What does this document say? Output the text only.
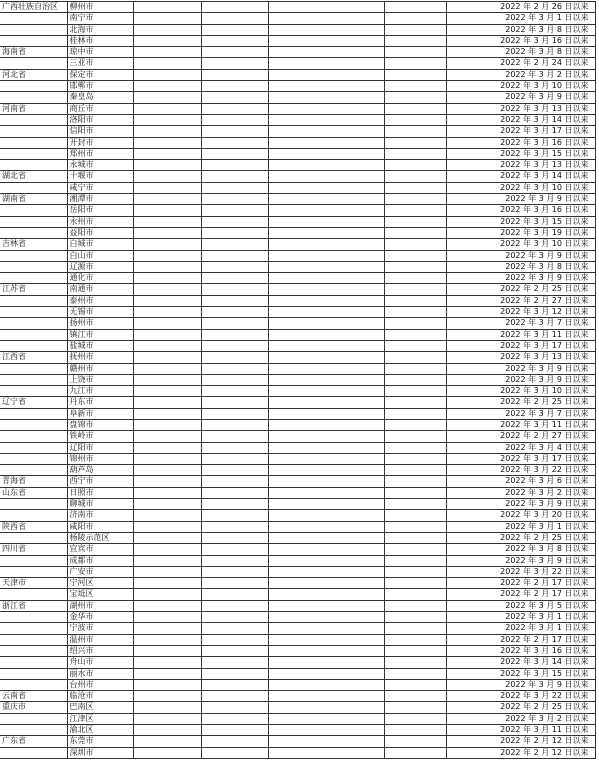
广西壮族自治区	柳州市					2022 年 2 月 26 日以来
	南宁市					2022 年 3 月 1 日以来
	北海市					2022 年 3 月 8 日以来
	桂林市					2022 年 3 月 16 日以来
海南省	琼中市					2022 年 3 月 8 日以来
	三亚市					2022 年 2 月 24 日以来
河北省	保定市					2022 年 3 月 2 日以来
	邯郸市					2022 年 3 月 10 日以来
	秦皇岛					2022 年 3 月 9 日以来
河南省	商丘市					2022 年 3 月 13 日以来
	洛阳市					2022 年 3 月 14 日以来
	信阳市					2022 年 3 月 17 日以来
	开封市					2022 年 3 月 16 日以来
	郑州市					2022 年 3 月 15 日以来
	永城市					2022 年 3 月 13 日以来
湖北省	十堰市					2022 年 3 月 14 日以来
	咸宁市					2022 年 3 月 10 日以来
湖南省	湘潭市					2022 年 3 月 9 日以来
	岳阳市					2022 年 3 月 16 日以来
	永州市					2022 年 3 月 15 日以来
	益阳市					2022 年 3 月 19 日以来
吉林省	白城市					2022 年 3 月 10 日以来
	白山市					2022 年 3 月 9 日以来
	辽源市					2022 年 3 月 8 日以来
	通化市					2022 年 3 月 9 日以来
江苏省	南通市					2022 年 2 月 25 日以来
	泰州市					2022 年 2 月 27 日以来
	无锡市					2022 年 3 月 12 日以来
	扬州市					2022 年 3 月 7 日以来
	镇江市					2022 年 3 月 11 日以来
	盐城市					2022 年 3 月 17 日以来
江西省	抚州市					2022 年 3 月 13 日以来
	赣州市					2022 年 3 月 9 日以来
	上饶市					2022 年 3 月 9 日以来
	九江市					2022 年 3 月 10 日以来
辽宁省	丹东市					2022 年 2 月 25 日以来
	阜新市					2022 年 3 月 7 日以来
	盘锦市					2022 年 3 月 11 日以来
	铁岭市					2022 年 2 月 27 日以来
	辽阳市					2022 年 3 月 4 日以来
	锦州市					2022 年 3 月 17 日以来
	葫芦岛					2022 年 3 月 22 日以来
青海省	西宁市					2022 年 3 月 6 日以来
山东省	日照市					2022 年 3 月 2 日以来
	聊城市					2022 年 3 月 9 日以来
	济南市					2022 年 3 月 20 日以来
陕西省	咸阳市					2022 年 3 月 1 日以来
	杨陵示范区					2022 年 2 月 25 日以来
四川省	宜宾市					2022 年 3 月 8 日以来
	成都市					2022 年 3 月 9 日以来
	广安市					2022 年 3 月 22 日以来
天津市	宁河区					2022 年 2 月 17 日以来
	宝坻区					2022 年 2 月 17 日以来
浙江省	湖州市					2022 年 3 月 5 日以来
	金华市					2022 年 3 月 1 日以来
	宁波市					2022 年 3 月 1 日以来
	温州市					2022 年 2 月 17 日以来
	绍兴市					2022 年 3 月 16 日以来
	舟山市					2022 年 3 月 14 日以来
	丽水市					2022 年 3 月 15 日以来
	台州市					2022 年 3 月 9 日以来
云南省	临沧市					2022 年 3 月 22 日以来
重庆市	巴南区					2022 年 2 月 25 日以来
	江津区					2022 年 3 月 2 日以来
	渝北区					2022 年 3 月 11 日以来
广东省	东莞市					2022 年 2 月 12 日以来
	深圳市					2022 年 2 月 12 日以来
